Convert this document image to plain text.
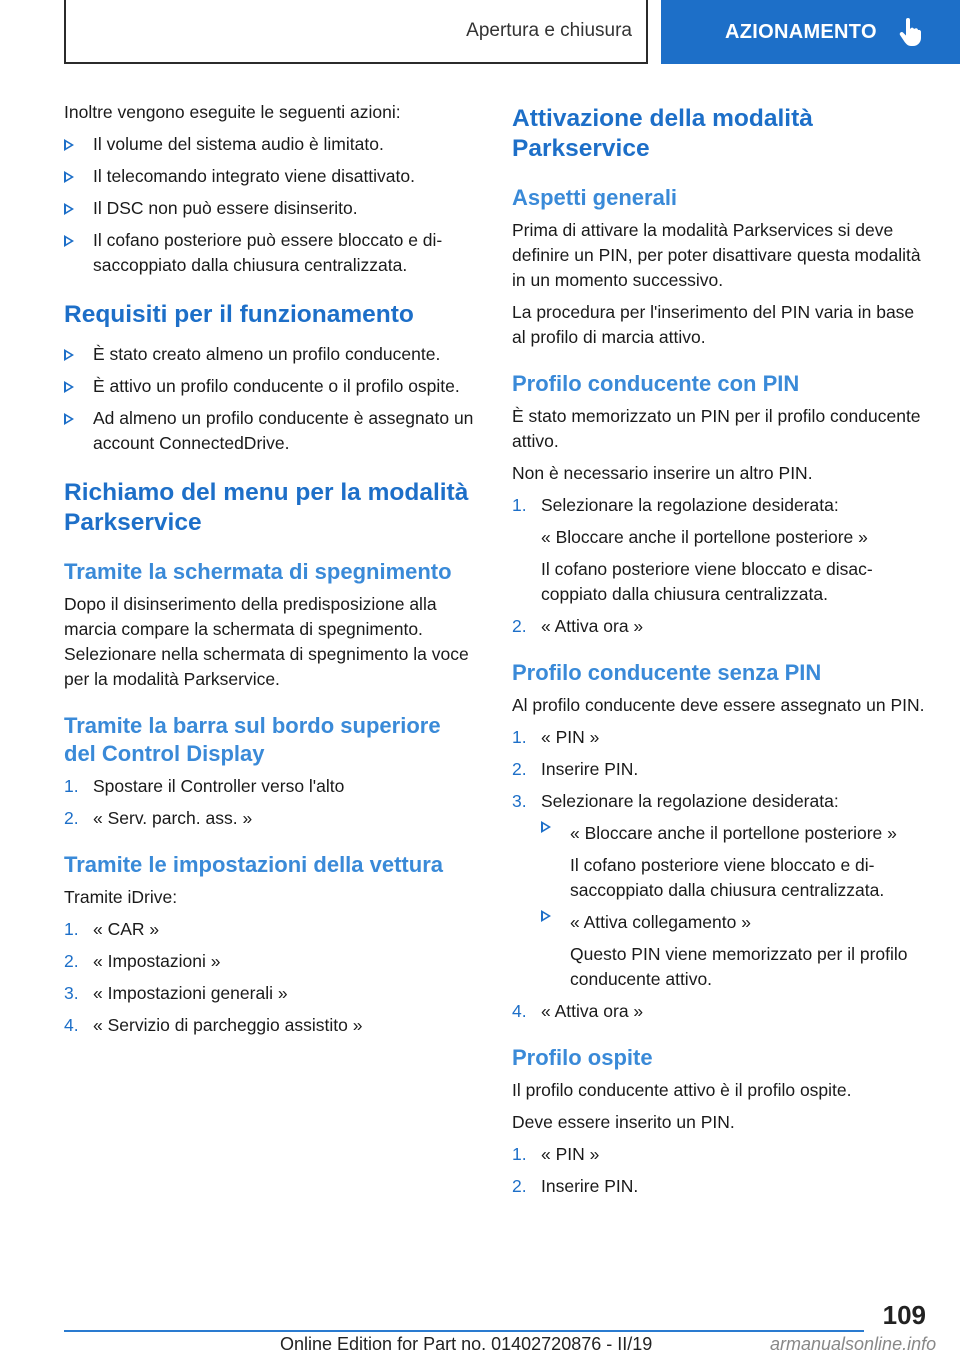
Apertura e chiusura	AZIONAMENTO

Inoltre vengono eseguite le seguenti azioni:

Il volume del sistema audio è limitato.
Il telecomando integrato viene disattivato.
Il DSC non può essere disinserito.
Il cofano posteriore può essere bloccato e disaccoppiato dalla chiusura centralizzata.
Requisiti per il funzionamento
È stato creato almeno un profilo conducente.
È attivo un profilo conducente o il profilo ospite.
Ad almeno un profilo conducente è assegnato un account ConnectedDrive.
Richiamo del menu per la modalità Parkservice
Tramite la schermata di spegnimento

Dopo il disinserimento della predisposizione alla marcia compare la schermata di spegnimento. Selezionare nella schermata di spegnimento la voce per la modalità Parkservice.

Tramite la barra sul bordo superiore del Control Display
1. Spostare il Controller verso l'alto
2. « Serv. parch. ass. »
Tramite le impostazioni della vettura

Tramite iDrive:

1. « CAR »
2. « Impostazioni »
3. « Impostazioni generali »
4. « Servizio di parcheggio assistito »
Attivazione della modalità Parkservice
Aspetti generali

Prima di attivare la modalità Parkservices si deve definire un PIN, per poter disattivare questa modalità in un momento successivo.

La procedura per l'inserimento del PIN varia in base al profilo di marcia attivo.

Profilo conducente con PIN

È stato memorizzato un PIN per il profilo conducente attivo.

Non è necessario inserire un altro PIN.

1. Selezionare la regolazione desiderata:
« Bloccare anche il portellone posteriore »
Il cofano posteriore viene bloccato e disaccoppiato dalla chiusura centralizzata.
2. « Attiva ora »
Profilo conducente senza PIN

Al profilo conducente deve essere assegnato un PIN.

1. « PIN »
2. Inserire PIN.
3. Selezionare la regolazione desiderata:
« Bloccare anche il portellone posteriore »
Il cofano posteriore viene bloccato e disaccoppiato dalla chiusura centralizzata.
« Attiva collegamento »
Questo PIN viene memorizzato per il profilo conducente attivo.
4. « Attiva ora »
Profilo ospite

Il profilo conducente attivo è il profilo ospite.

Deve essere inserito un PIN.

1. « PIN »
2. Inserire PIN.
109
Online Edition for Part no. 01402720876 - II/19	armanualsonline.info
